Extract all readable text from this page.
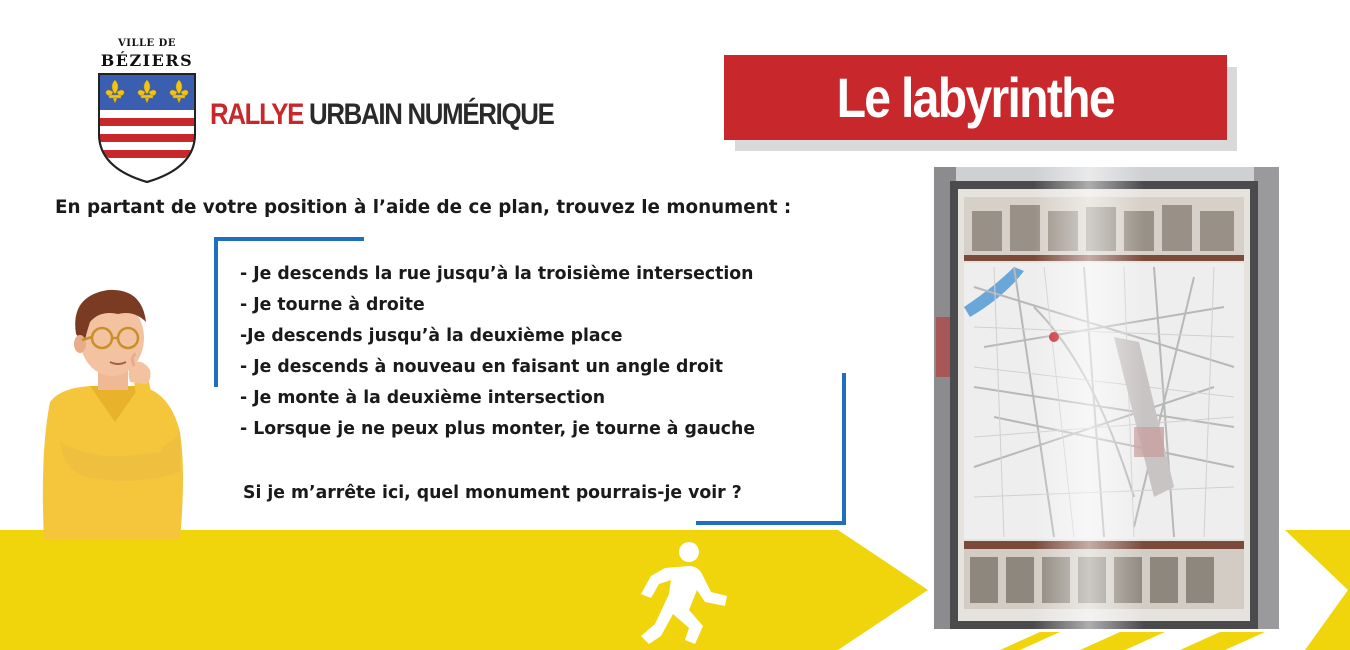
VILLE DE
BÉZIERS
RALLYE URBAIN NUMÉRIQUE	Le labyrinthe
En partant de votre position à l’aide de ce plan, trouvez le monument :
- Je descends la rue jusqu’à la troisième intersection
- Je tourne à droite
-Je descends jusqu’à la deuxième place
- Je descends à nouveau en faisant un angle droit
- Je monte à la deuxième intersection
- Lorsque je ne peux plus monter, je tourne à gauche
Si je m’arrête ici, quel monument pourrais-je voir ?
